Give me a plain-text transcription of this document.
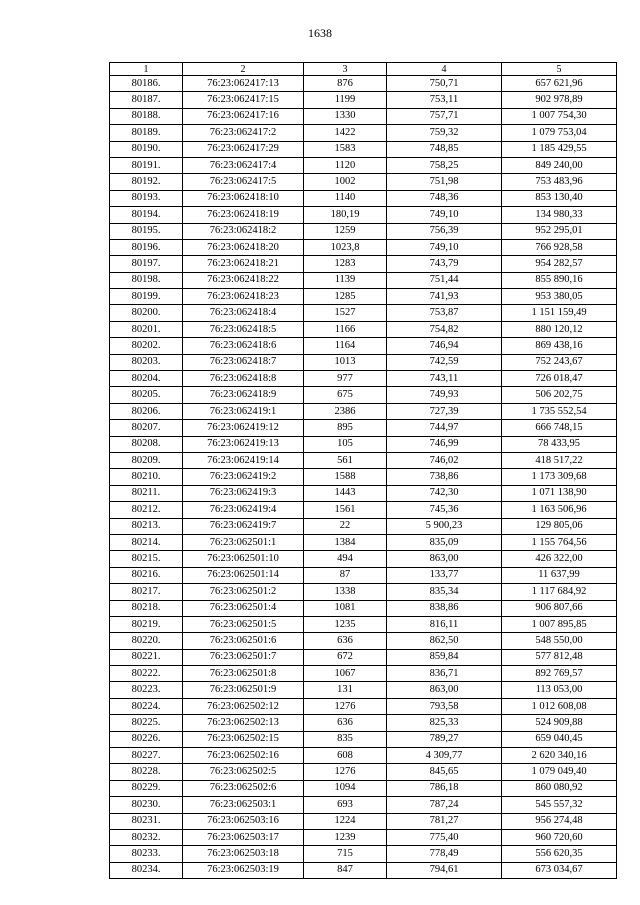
1638
1	2	3	4	5
80186.	76:23:062417:13	876	750,71	657 621,96
80187.	76:23:062417:15	1199	753,11	902 978,89
80188.	76:23:062417:16	1330	757,71	1 007 754,30
80189.	76:23:062417:2	1422	759,32	1 079 753,04
80190.	76:23:062417:29	1583	748,85	1 185 429,55
80191.	76:23:062417:4	1120	758,25	849 240,00
80192.	76:23:062417:5	1002	751,98	753 483,96
80193.	76:23:062418:10	1140	748,36	853 130,40
80194.	76:23:062418:19	180,19	749,10	134 980,33
80195.	76:23:062418:2	1259	756,39	952 295,01
80196.	76:23:062418:20	1023,8	749,10	766 928,58
80197.	76:23:062418:21	1283	743,79	954 282,57
80198.	76:23:062418:22	1139	751,44	855 890,16
80199.	76:23:062418:23	1285	741,93	953 380,05
80200.	76:23:062418:4	1527	753,87	1 151 159,49
80201.	76:23:062418:5	1166	754,82	880 120,12
80202.	76:23:062418:6	1164	746,94	869 438,16
80203.	76:23:062418:7	1013	742,59	752 243,67
80204.	76:23:062418:8	977	743,11	726 018,47
80205.	76:23:062418:9	675	749,93	506 202,75
80206.	76:23:062419:1	2386	727,39	1 735 552,54
80207.	76:23:062419:12	895	744,97	666 748,15
80208.	76:23:062419:13	105	746,99	78 433,95
80209.	76:23:062419:14	561	746,02	418 517,22
80210.	76:23:062419:2	1588	738,86	1 173 309,68
80211.	76:23:062419:3	1443	742,30	1 071 138,90
80212.	76:23:062419:4	1561	745,36	1 163 506,96
80213.	76:23:062419:7	22	5 900,23	129 805,06
80214.	76:23:062501:1	1384	835,09	1 155 764,56
80215.	76:23:062501:10	494	863,00	426 322,00
80216.	76:23:062501:14	87	133,77	11 637,99
80217.	76:23:062501:2	1338	835,34	1 117 684,92
80218.	76:23:062501:4	1081	838,86	906 807,66
80219.	76:23:062501:5	1235	816,11	1 007 895,85
80220.	76:23:062501:6	636	862,50	548 550,00
80221.	76:23:062501:7	672	859,84	577 812,48
80222.	76:23:062501:8	1067	836,71	892 769,57
80223.	76:23:062501:9	131	863,00	113 053,00
80224.	76:23:062502:12	1276	793,58	1 012 608,08
80225.	76:23:062502:13	636	825,33	524 909,88
80226.	76:23:062502:15	835	789,27	659 040,45
80227.	76:23:062502:16	608	4 309,77	2 620 340,16
80228.	76:23:062502:5	1276	845,65	1 079 049,40
80229.	76:23:062502:6	1094	786,18	860 080,92
80230.	76:23:062503:1	693	787,24	545 557,32
80231.	76:23:062503:16	1224	781,27	956 274,48
80232.	76:23:062503:17	1239	775,40	960 720,60
80233.	76:23:062503:18	715	778,49	556 620,35
80234.	76:23:062503:19	847	794,61	673 034,67
